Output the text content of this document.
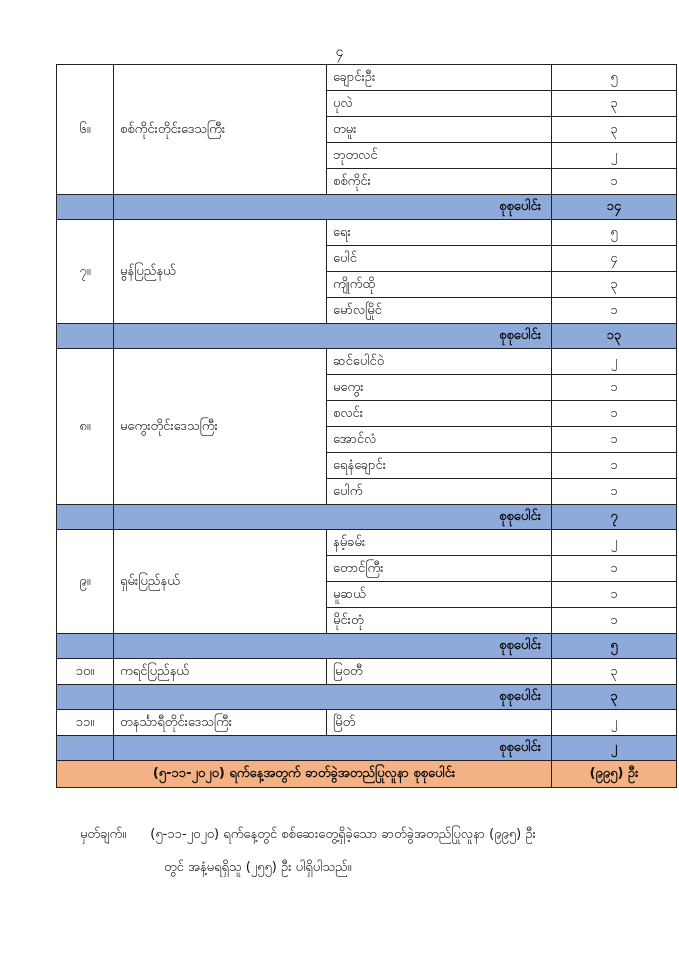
၄
၆။	စစ်ကိုင်းတိုင်းဒေသကြီး	ချောင်းဦး	၅
		ပုလဲ	၃
		တမူး	၃
		ဘုတလင်	၂
		စစ်ကိုင်း	၁
	စုစုပေါင်း		၁၄
၇။	မွန်ပြည်နယ်	ရေး	၅
		ပေါင်	၄
		ကျိုက်ထို	၃
		မော်လမြိုင်	၁
	စုစုပေါင်း		၁၃
၈။	မကွေးတိုင်းဒေသကြီး	ဆင်ပေါင်ဝဲ	၂
		မကွေး	၁
		စလင်း	၁
		အောင်လံ	၁
		ရေနံချောင်း	၁
		ပေါက်	၁
	စုစုပေါင်း		၇
၉။	ရှမ်းပြည်နယ်	နမ့်ခမ်း	၂
		တောင်ကြီး	၁
		မူဆယ်	၁
		မိုင်းတုံ	၁
	စုစုပေါင်း		၅
၁၀။	ကရင်ပြည်နယ်	မြဝတီ	၃
	စုစုပေါင်း		၃
၁၁။	တနင်္သာရီတိုင်းဒေသကြီး	မြိတ်	၂
	စုစုပေါင်း		၂
(၅-၁၁-၂၀၂၀) ရက်နေ့အတွက် ခာတ်ခွဲအတည်ပြုလူနာ စုစုပေါင်း			(၉၉၅) ဦး
မှတ်ချက်။ (၅-၁၁-၂၀၂၀) ရက်နေ့တွင် စစ်ဆေးတွေ့ရှိခဲ့သော ခာတ်ခွဲအတည်ပြုလူနာ (၉၉၅) ဦး
တွင် အနံ့မရရှိသူ (၂၅၅) ဦး ပါရှိပါသည်။
